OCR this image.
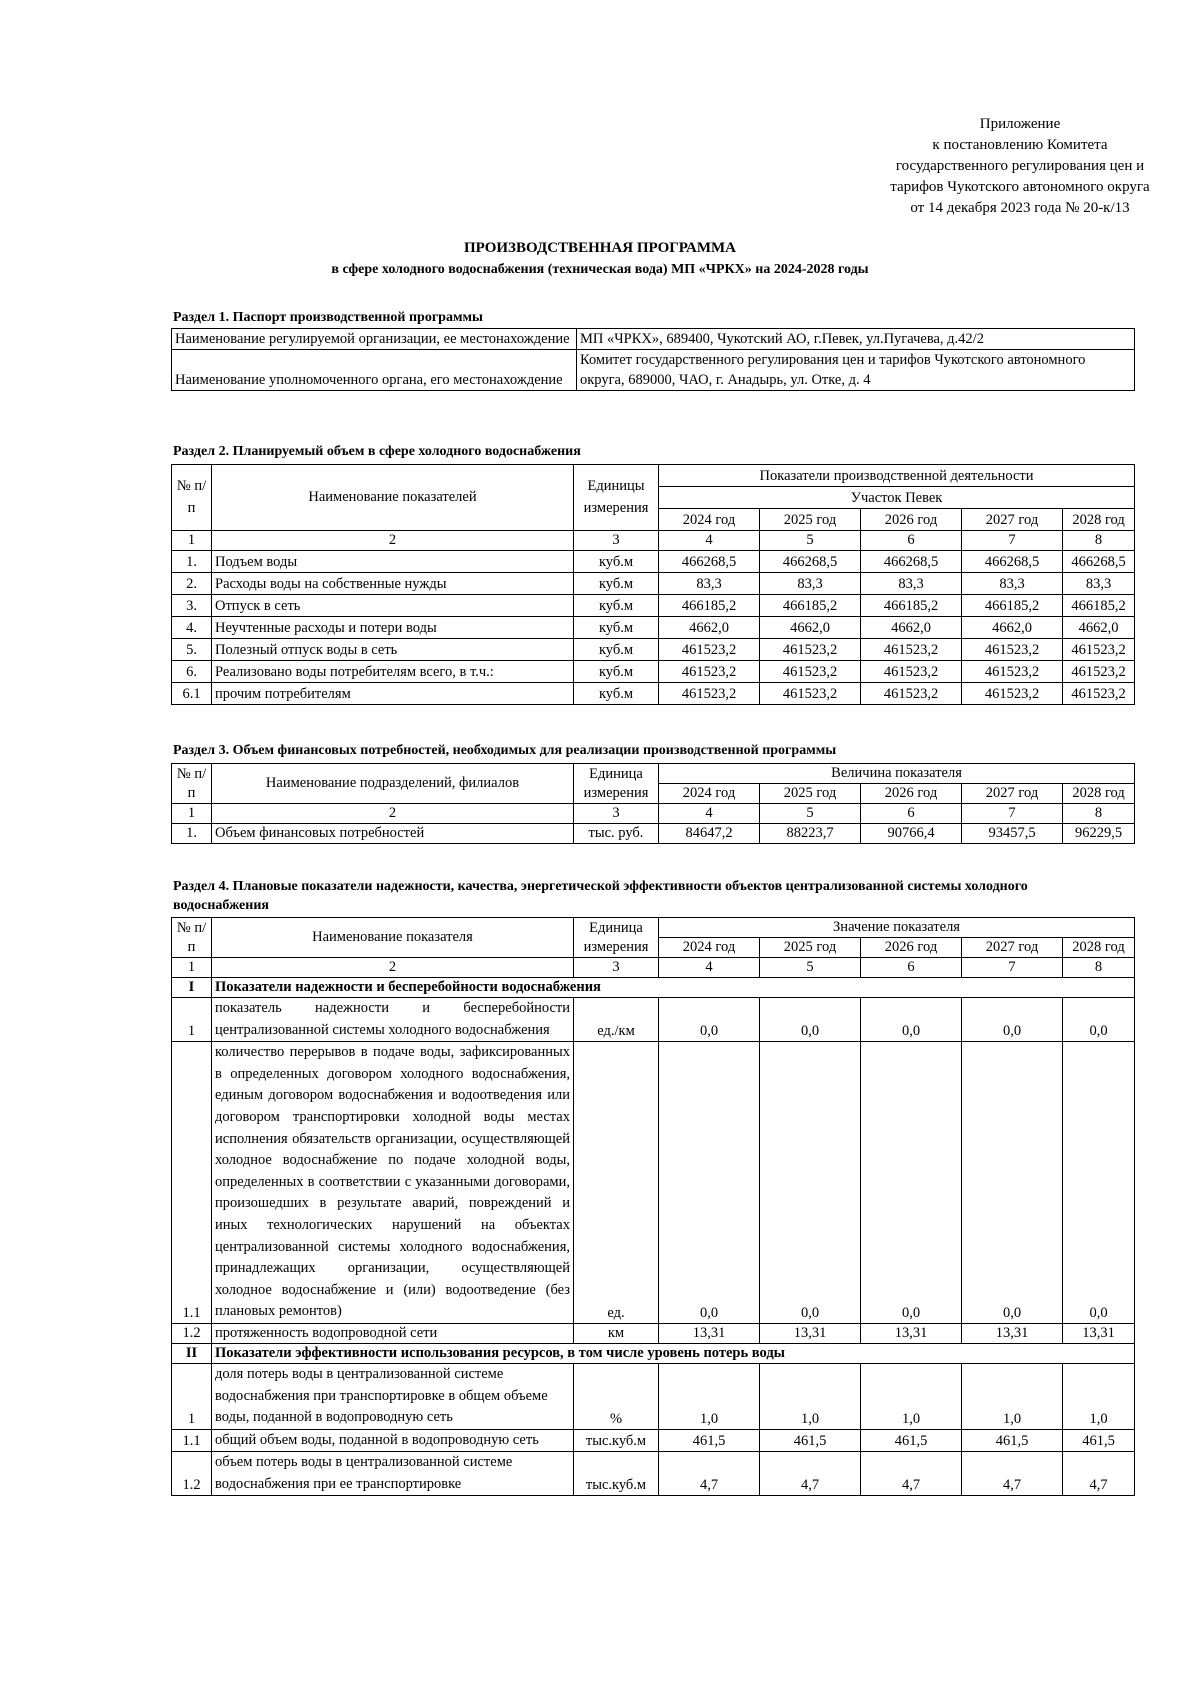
Приложение
к постановлению Комитета
государственного регулирования цен и
тарифов Чукотского автономного округа
от 14 декабря 2023 года № 20-к/13
ПРОИЗВОДСТВЕННАЯ ПРОГРАММА
в сфере холодного водоснабжения (техническая вода) МП «ЧРКХ» на 2024-2028 годы
Раздел 1. Паспорт производственной программы
Наименование регулируемой организации, ее местонахождение	МП «ЧРКХ», 689400, Чукотский АО, г.Певек, ул.Пугачева, д.42/2
Наименование уполномоченного органа, его местонахождение	Комитет государственного регулирования цен и тарифов Чукотского автономного округа, 689000, ЧАО, г. Анадырь, ул. Отке, д. 4
Раздел 2. Планируемый объем в сфере холодного водоснабжения
№ п/п	Наименование показателей	Единицы измерения	Показатели производственной деятельности				
			Участок Певек				
			2024 год	2025 год	2026 год	2027 год	2028 год
1	2	3	4	5	6	7	8
1.	Подъем воды	куб.м	466268,5	466268,5	466268,5	466268,5	466268,5
2.	Расходы воды на собственные нужды	куб.м	83,3	83,3	83,3	83,3	83,3
3.	Отпуск в сеть	куб.м	466185,2	466185,2	466185,2	466185,2	466185,2
4.	Неучтенные расходы и потери воды	куб.м	4662,0	4662,0	4662,0	4662,0	4662,0
5.	Полезный отпуск воды в сеть	куб.м	461523,2	461523,2	461523,2	461523,2	461523,2
6.	Реализовано воды потребителям всего, в т.ч.:	куб.м	461523,2	461523,2	461523,2	461523,2	461523,2
6.1	прочим потребителям	куб.м	461523,2	461523,2	461523,2	461523,2	461523,2
Раздел 3. Объем финансовых потребностей, необходимых для реализации производственной программы
№ п/п	Наименование подразделений, филиалов	Единица измерения	Величина показателя				
			2024 год	2025 год	2026 год	2027 год	2028 год
1	2	3	4	5	6	7	8
1.	Объем финансовых потребностей	тыс. руб.	84647,2	88223,7	90766,4	93457,5	96229,5
Раздел 4. Плановые показатели надежности, качества, энергетической эффективности объектов централизованной системы холодного водоснабжения
№ п/п	Наименование показателя	Единица измерения	Значение показателя				
			2024 год	2025 год	2026 год	2027 год	2028 год
1	2	3	4	5	6	7	8
I	Показатели надежности и бесперебойности водоснабжения						
1	показатель надежности и бесперебойности централизованной системы холодного водоснабжения	ед./км	0,0	0,0	0,0	0,0	0,0
1.1	количество перерывов в подаче воды, зафиксированных в определенных договором холодного водоснабжения, единым договором водоснабжения и водоотведения или договором транспортировки холодной воды местах исполнения обязательств организации, осуществляющей холодное водоснабжение по подаче холодной воды, определенных в соответствии с указанными договорами, произошедших в результате аварий, повреждений и иных технологических нарушений на объектах централизованной системы холодного водоснабжения, принадлежащих организации, осуществляющей холодное водоснабжение и (или) водоотведение (без плановых ремонтов)	ед.	0,0	0,0	0,0	0,0	0,0
1.2	протяженность водопроводной сети	км	13,31	13,31	13,31	13,31	13,31
II	Показатели эффективности использования ресурсов, в том числе уровень потерь воды						
1	доля потерь воды в централизованной системе водоснабжения при транспортировке в общем объеме воды, поданной в водопроводную сеть	%	1,0	1,0	1,0	1,0	1,0
1.1	общий объем воды, поданной в водопроводную сеть	тыс.куб.м	461,5	461,5	461,5	461,5	461,5
1.2	объем потерь воды в централизованной системе водоснабжения при ее транспортировке	тыс.куб.м	4,7	4,7	4,7	4,7	4,7
